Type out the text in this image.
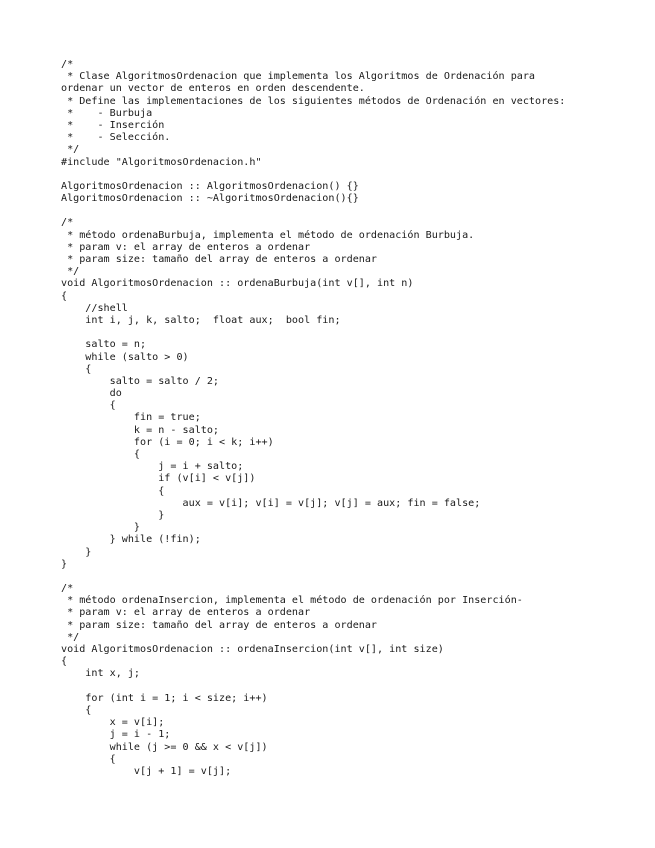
/*
* Clase AlgoritmosOrdenacion que implementa los Algoritmos de Ordenación para
ordenar un vector de enteros en orden descendente.
* Define las implementaciones de los siguientes métodos de Ordenación en vectores:
*    - Burbuja
*    - Inserción
*    - Selección.
*/
#include "AlgoritmosOrdenacion.h"
AlgoritmosOrdenacion :: AlgoritmosOrdenacion() {}
AlgoritmosOrdenacion :: ~AlgoritmosOrdenacion(){}
/*
* método ordenaBurbuja, implementa el método de ordenación Burbuja.
* param v: el array de enteros a ordenar
* param size: tamaño del array de enteros a ordenar
*/
void AlgoritmosOrdenacion :: ordenaBurbuja(int v[], int n)
{
//shell
int i, j, k, salto;  float aux;  bool fin;
salto = n;
while (salto > 0)
{
salto = salto / 2;
do
{
fin = true;
k = n - salto;
for (i = 0; i < k; i++)
{
j = i + salto;
if (v[i] < v[j])
{
aux = v[i]; v[i] = v[j]; v[j] = aux; fin = false;
}
}
} while (!fin);
}
}
/*
* método ordenaInsercion, implementa el método de ordenación por Inserción-
* param v: el array de enteros a ordenar
* param size: tamaño del array de enteros a ordenar
*/
void AlgoritmosOrdenacion :: ordenaInsercion(int v[], int size)
{
int x, j;
for (int i = 1; i < size; i++)
{
x = v[i];
j = i - 1;
while (j >= 0 && x < v[j])
{
v[j + 1] = v[j];
